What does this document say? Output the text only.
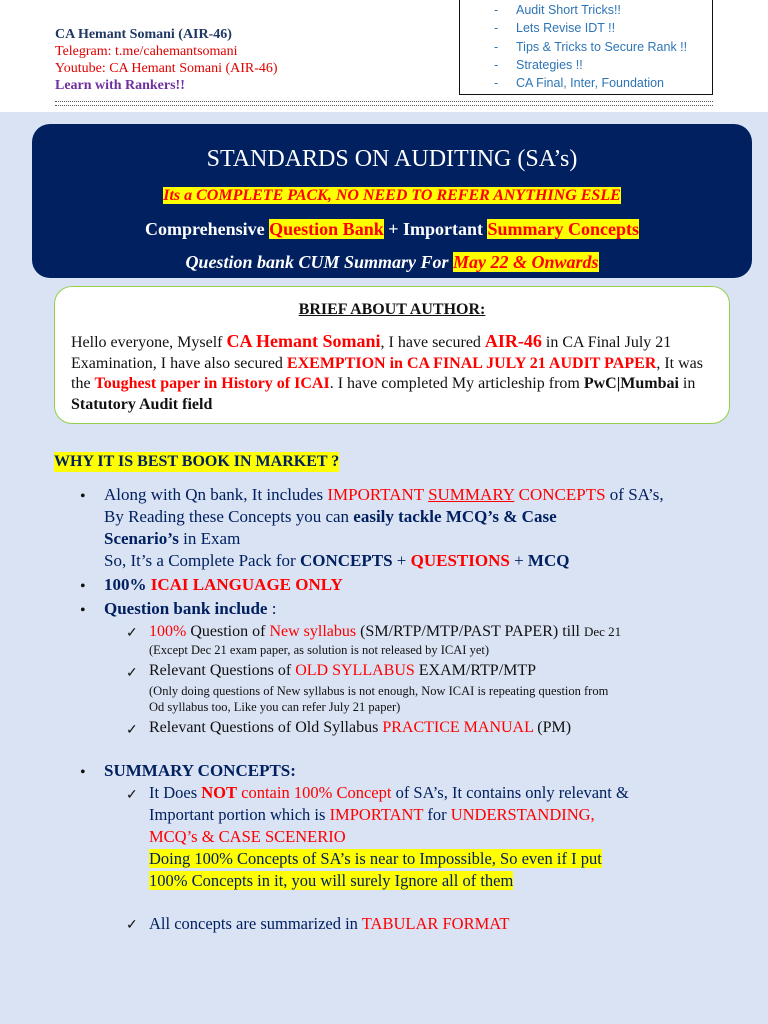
CA Hemant Somani (AIR-46)
Telegram: t.me/cahemantsomani
Youtube: CA Hemant Somani (AIR-46)
Learn with Rankers!!
- Audit Short Tricks!!
- Lets Revise IDT !!
- Tips & Tricks to Secure Rank !!
- Strategies !!
- CA Final, Inter, Foundation
STANDARDS ON AUDITING (SA’s)
Its a COMPLETE PACK, NO NEED TO REFER ANYTHING ESLE
Comprehensive Question Bank + Important Summary Concepts
Question bank CUM Summary For May 22 & Onwards
BRIEF ABOUT AUTHOR:
Hello everyone, Myself CA Hemant Somani, I have secured AIR-46 in CA Final July 21 Examination, I have also secured EXEMPTION in CA FINAL JULY 21 AUDIT PAPER, It was the Toughest paper in History of ICAI. I have completed My articleship from PwC|Mumbai in Statutory Audit field
WHY IT IS BEST BOOK IN MARKET ?
• Along with Qn bank, It includes IMPORTANT SUMMARY CONCEPTS of SA’s,
By Reading these Concepts you can easily tackle MCQ’s & Case
Scenario’s in Exam
So, It’s a Complete Pack for CONCEPTS + QUESTIONS + MCQ
• 100% ICAI LANGUAGE ONLY
• Question bank include :
✓ 100% Question of New syllabus (SM/RTP/MTP/PAST PAPER) till Dec 21
(Except Dec 21 exam paper, as solution is not released by ICAI yet)
✓ Relevant Questions of OLD SYLLABUS EXAM/RTP/MTP
(Only doing questions of New syllabus is not enough, Now ICAI is repeating question from
Od syllabus too, Like you can refer July 21 paper)
✓ Relevant Questions of Old Syllabus PRACTICE MANUAL (PM)
• SUMMARY CONCEPTS:
✓ It Does NOT contain 100% Concept of SA’s, It contains only relevant &
Important portion which is IMPORTANT for UNDERSTANDING,
MCQ’s & CASE SCENERIO
Doing 100% Concepts of SA’s is near to Impossible, So even if I put
100% Concepts in it, you will surely Ignore all of them
✓ All concepts are summarized in TABULAR FORMAT
